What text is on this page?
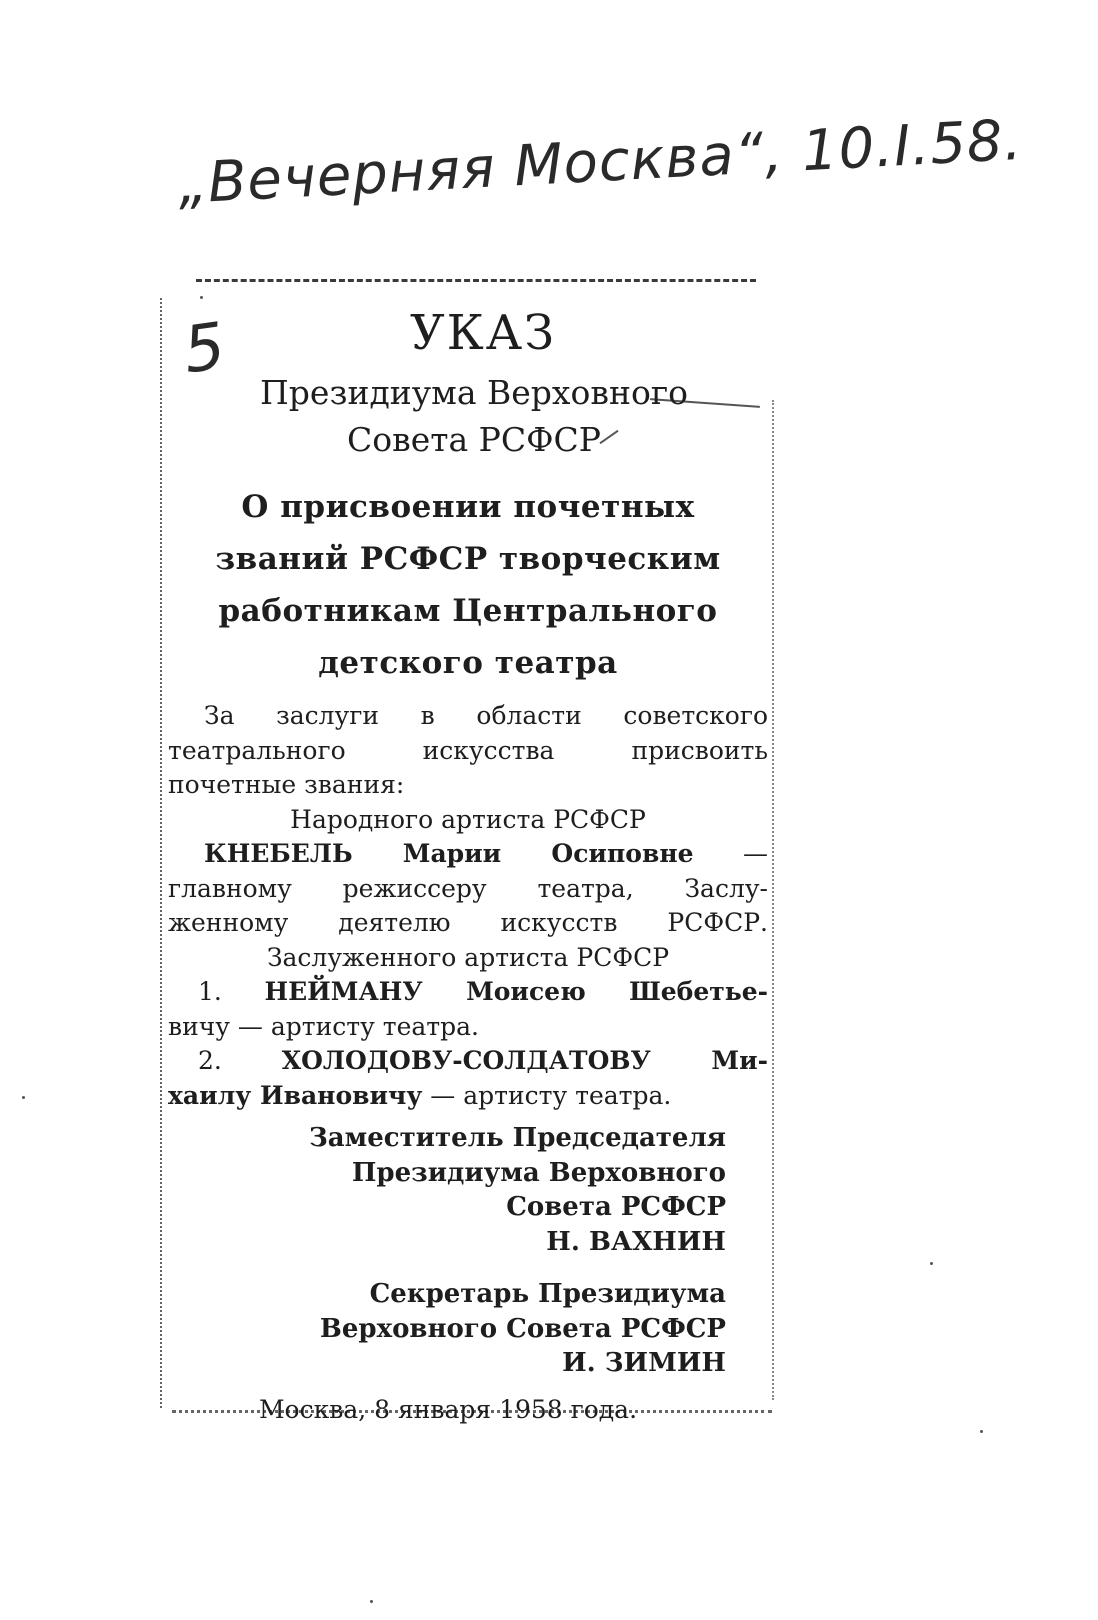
„Вечерняя Москва“, 10.I.58.
5	УКАЗ
Президиума Верховного
Совета РСФСР
О присвоении почетных
званий РСФСР творческим
работникам Центрального
детского театра
За заслуги в области советского
театрального искусства присвоить
почетные звания:
Народного артиста РСФСР
КНЕБЕЛЬ Марии Осиповне —
главному режиссеру театра, Заслу-
женному деятелю искусств РСФСР.
Заслуженного артиста РСФСР
1. НЕЙМАНУ Моисею Шебетье-
вичу — артисту театра.
2. ХОЛОДОВУ-СОЛДАТОВУ Ми-
хаилу Ивановичу — артисту театра.
Заместитель Председателя
Президиума Верховного
Совета РСФСР
Н. ВАХНИН
Секретарь Президиума
Верховного Совета РСФСР
И. ЗИМИН
Москва, 8 января 1958 года.
